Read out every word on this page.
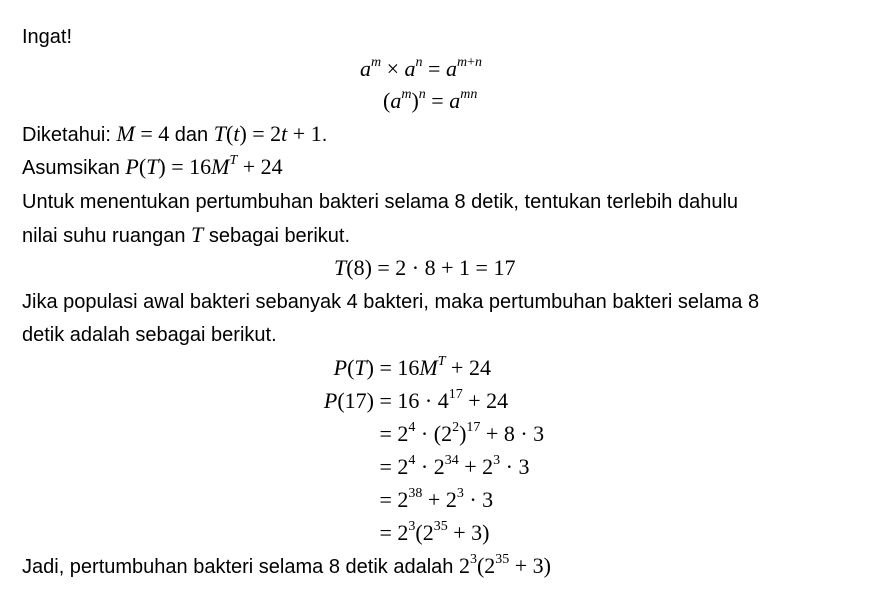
Ingat!
$a^m \times a^n = a^{m+n}$
$(a^m)^n = a^{mn}$
Diketahui: M = 4 dan T(t) = 2t + 1.
Asumsikan $P(T) = 16M^T + 24$
Untuk menentukan pertumbuhan bakteri selama 8 detik, tentukan terlebih dahulu
nilai suhu ruangan T sebagai berikut.
T(8) = 2 · 8 + 1 = 17
Jika populasi awal bakteri sebanyak 4 bakteri, maka pertumbuhan bakteri selama 8
detik adalah sebagai berikut.
$P(T) = 16M^T + 24$
$P(17) = 16 \cdot 4^{17} + 24$
= $2^4 \cdot (2^2)^{17} + 8 \cdot 3$
= $2^4 \cdot 2^{34} + 2^3 \cdot 3$
= $2^{38} + 2^3 \cdot 3$
= $2^3(2^{35} + 3)$
Jadi, pertumbuhan bakteri selama 8 detik adalah $2^3(2^{35} + 3)$
